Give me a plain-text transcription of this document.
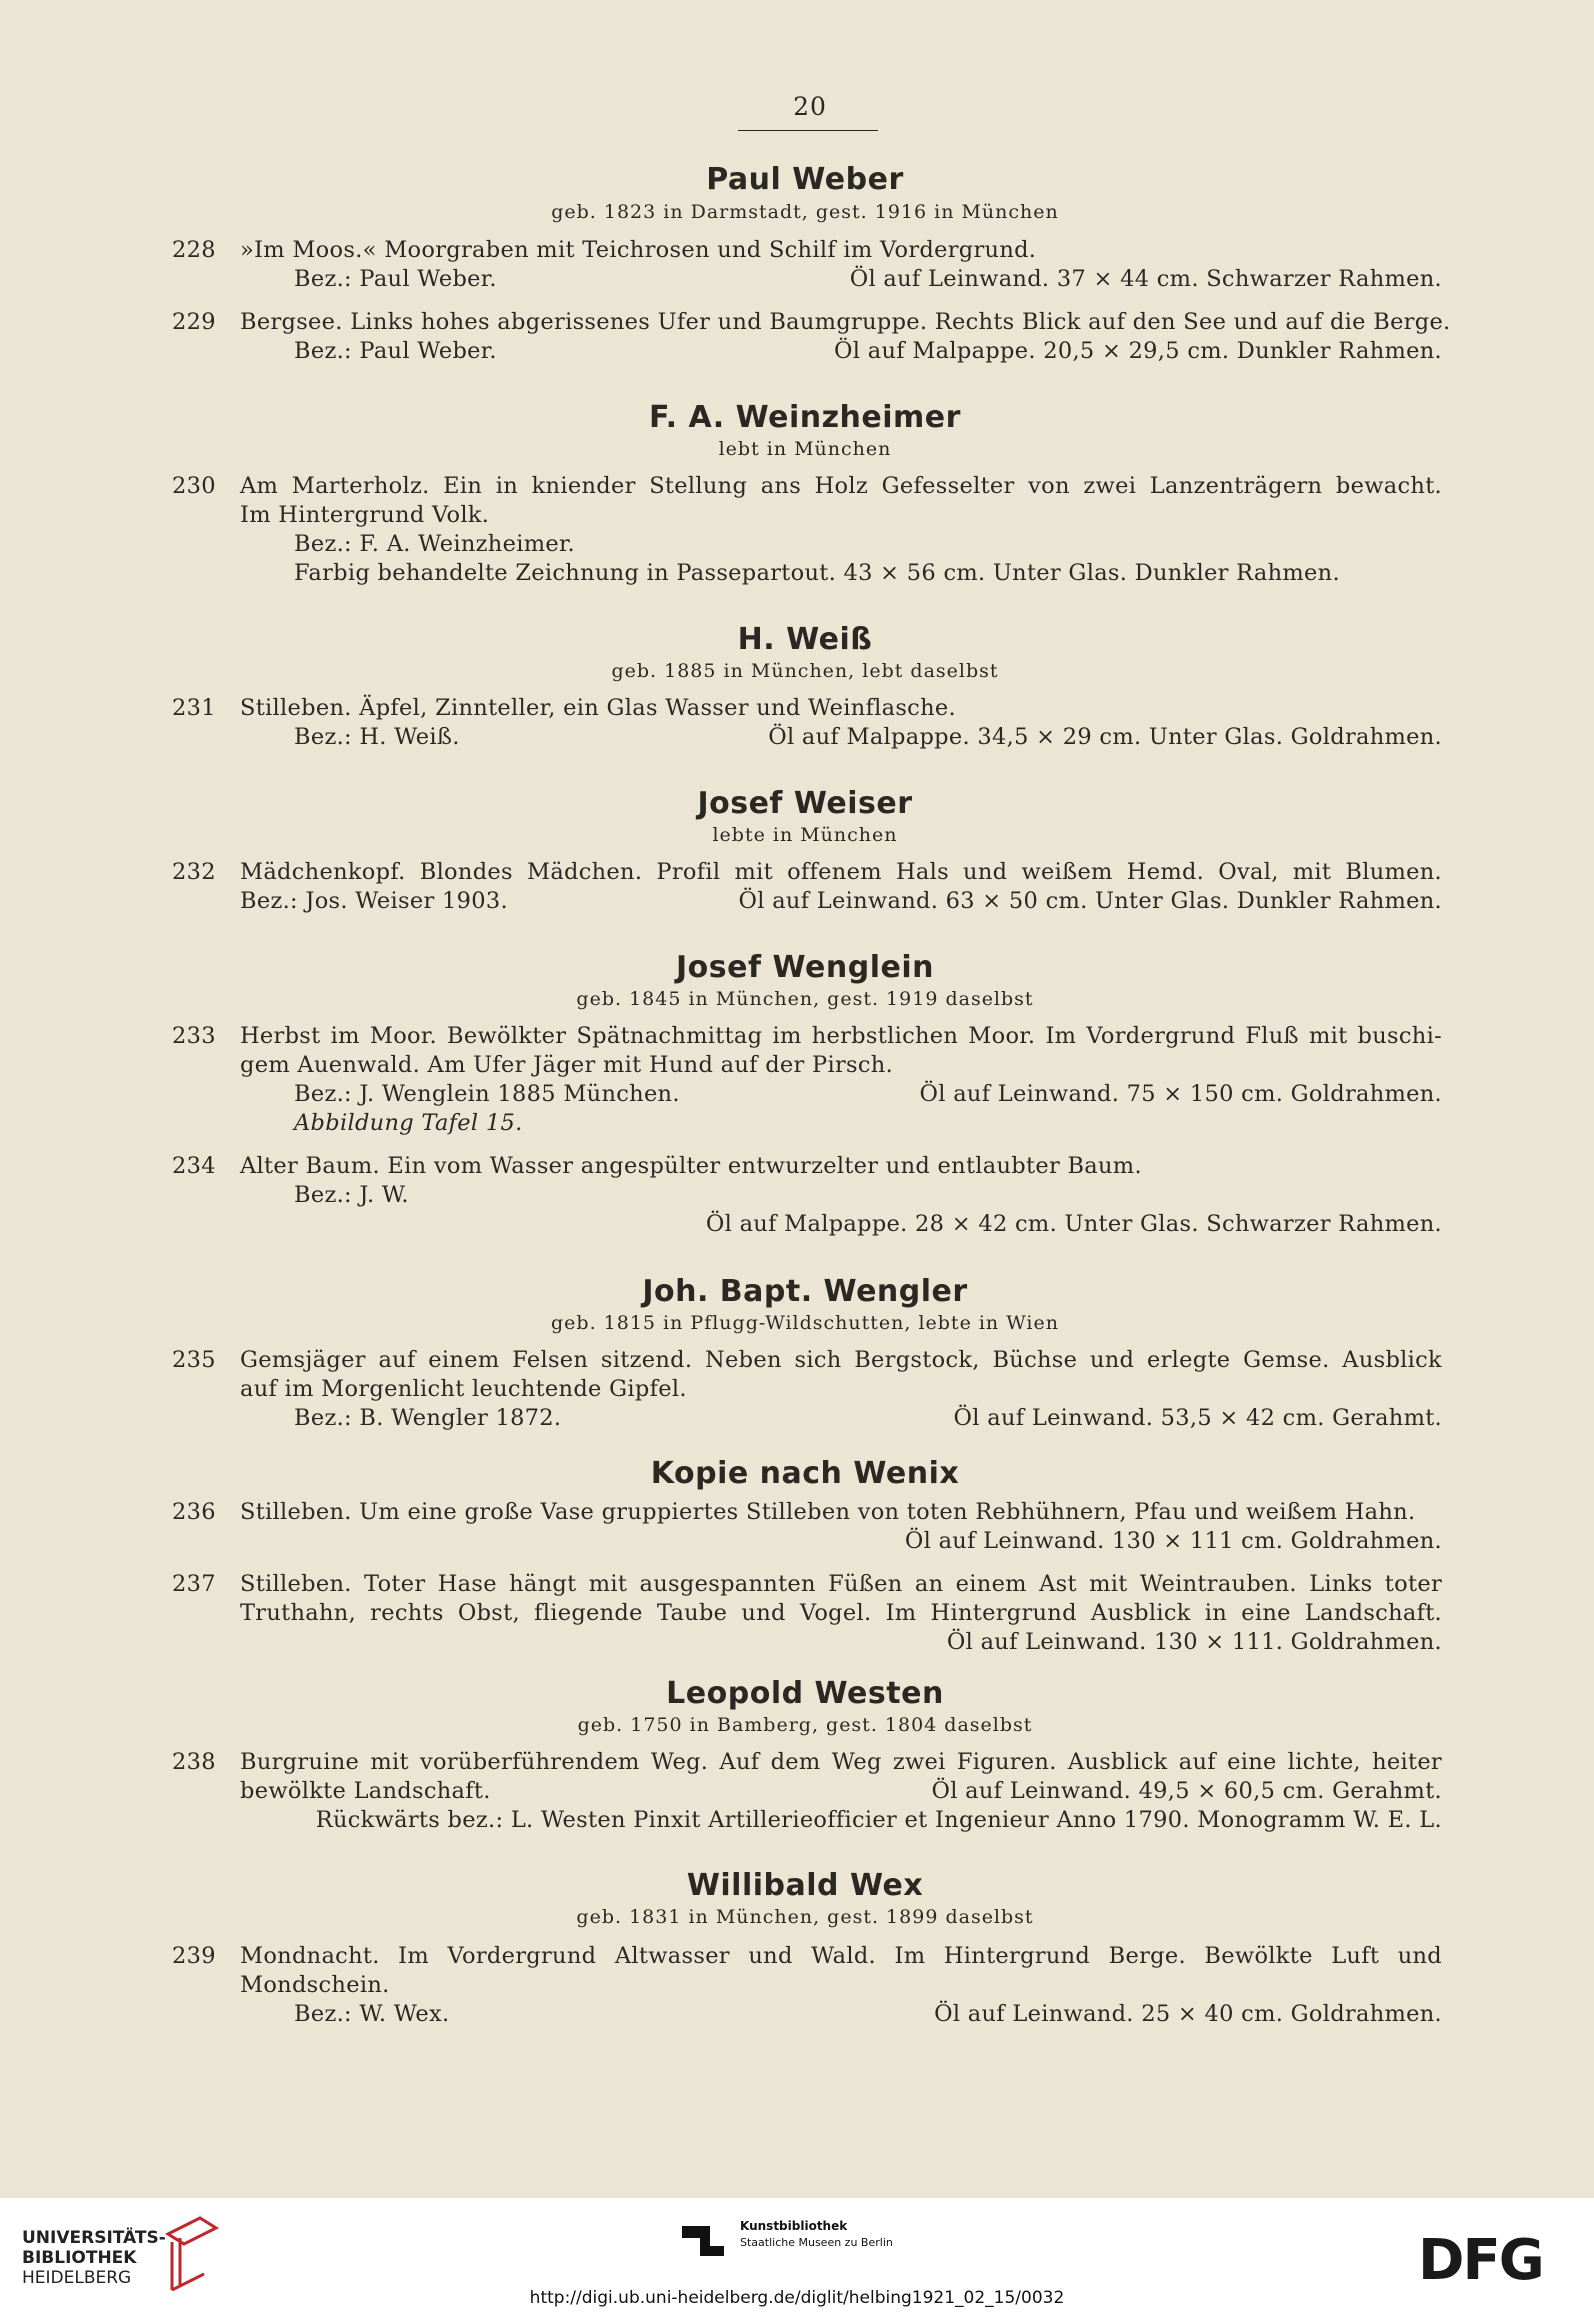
20
Paul Weber
geb. 1823 in Darmstadt, gest. 1916 in München
228 »Im Moos.« Moorgraben mit Teichrosen und Schilf im Vordergrund.
Bez.: Paul Weber.	Öl auf Leinwand. 37 × 44 cm. Schwarzer Rahmen.
229 Bergsee. Links hohes abgerissenes Ufer und Baumgruppe. Rechts Blick auf den See und auf die Berge.
Bez.: Paul Weber.	Öl auf Malpappe. 20,5 × 29,5 cm. Dunkler Rahmen.
F. A. Weinzheimer
lebt in München
230 Am Marterholz. Ein in kniender Stellung ans Holz Gefesselter von zwei Lanzenträgern bewacht.
Im Hintergrund Volk.
Bez.: F. A. Weinzheimer.
Farbig behandelte Zeichnung in Passepartout. 43 × 56 cm. Unter Glas. Dunkler Rahmen.
H. Weiß
geb. 1885 in München, lebt daselbst
231 Stilleben. Äpfel, Zinnteller, ein Glas Wasser und Weinflasche.
Bez.: H. Weiß.	Öl auf Malpappe. 34,5 × 29 cm. Unter Glas. Goldrahmen.
Josef Weiser
lebte in München
232 Mädchenkopf. Blondes Mädchen. Profil mit offenem Hals und weißem Hemd. Oval, mit Blumen.
Bez.: Jos. Weiser 1903.	Öl auf Leinwand. 63 × 50 cm. Unter Glas. Dunkler Rahmen.
Josef Wenglein
geb. 1845 in München, gest. 1919 daselbst
233 Herbst im Moor. Bewölkter Spätnachmittag im herbstlichen Moor. Im Vordergrund Fluß mit buschi-
gem Auenwald. Am Ufer Jäger mit Hund auf der Pirsch.
Bez.: J. Wenglein 1885 München.	Öl auf Leinwand. 75 × 150 cm. Goldrahmen.
Abbildung Tafel 15.
234 Alter Baum. Ein vom Wasser angespülter entwurzelter und entlaubter Baum.
Bez.: J. W.
Öl auf Malpappe. 28 × 42 cm. Unter Glas. Schwarzer Rahmen.
Joh. Bapt. Wengler
geb. 1815 in Pflugg-Wildschutten, lebte in Wien
235 Gemsjäger auf einem Felsen sitzend. Neben sich Bergstock, Büchse und erlegte Gemse. Ausblick
auf im Morgenlicht leuchtende Gipfel.
Bez.: B. Wengler 1872.	Öl auf Leinwand. 53,5 × 42 cm. Gerahmt.
Kopie nach Wenix
236 Stilleben. Um eine große Vase gruppiertes Stilleben von toten Rebhühnern, Pfau und weißem Hahn.
Öl auf Leinwand. 130 × 111 cm. Goldrahmen.
237 Stilleben. Toter Hase hängt mit ausgespannten Füßen an einem Ast mit Weintrauben. Links toter
Truthahn, rechts Obst, fliegende Taube und Vogel. Im Hintergrund Ausblick in eine Landschaft.
Öl auf Leinwand. 130 × 111. Goldrahmen.
Leopold Westen
geb. 1750 in Bamberg, gest. 1804 daselbst
238 Burgruine mit vorüberführendem Weg. Auf dem Weg zwei Figuren. Ausblick auf eine lichte, heiter
bewölkte Landschaft.	Öl auf Leinwand. 49,5 × 60,5 cm. Gerahmt.
Rückwärts bez.: L. Westen Pinxit Artillerieofficier et Ingenieur Anno 1790. Monogramm W. E. L.
Willibald Wex
geb. 1831 in München, gest. 1899 daselbst
239 Mondnacht. Im Vordergrund Altwasser und Wald. Im Hintergrund Berge. Bewölkte Luft und
Mondschein.
Bez.: W. Wex.	Öl auf Leinwand. 25 × 40 cm. Goldrahmen.
UNIVERSITÄTS-
BIBLIOTHEK
HEIDELBERG
Kunstbibliothek
Staatliche Museen zu Berlin	DFG
http://digi.ub.uni-heidelberg.de/diglit/helbing1921_02_15/0032
